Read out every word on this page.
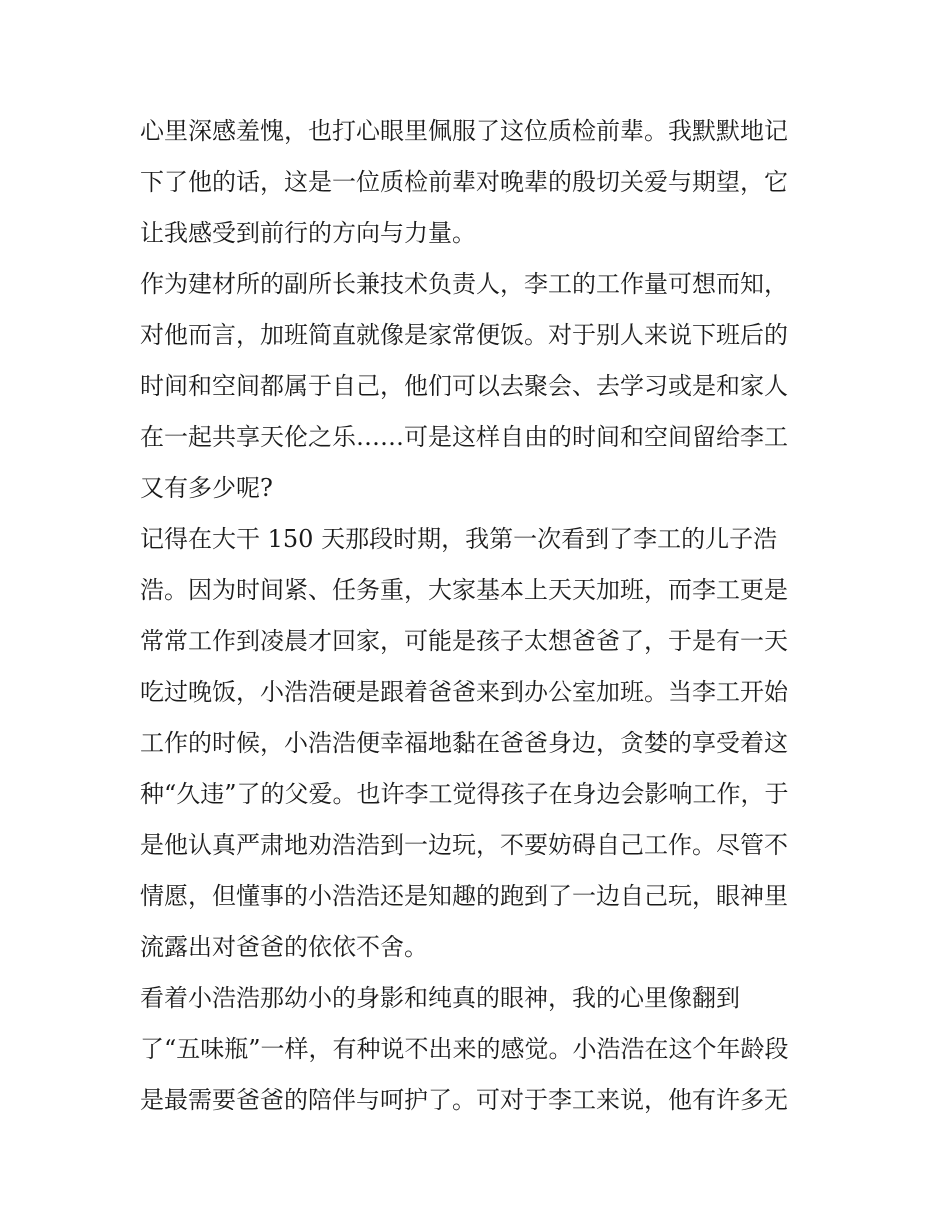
心里深感羞愧，也打心眼里佩服了这位质检前辈。我默默地记
下了他的话，这是一位质检前辈对晚辈的殷切关爱与期望，它
让我感受到前行的方向与力量。
作为建材所的副所长兼技术负责人，李工的工作量可想而知，
对他而言，加班简直就像是家常便饭。对于别人来说下班后的
时间和空间都属于自己，他们可以去聚会、去学习或是和家人
在一起共享天伦之乐……可是这样自由的时间和空间留给李工
又有多少呢?
记得在大干 150 天那段时期，我第一次看到了李工的儿子浩
浩。因为时间紧、任务重，大家基本上天天加班，而李工更是
常常工作到凌晨才回家，可能是孩子太想爸爸了，于是有一天
吃过晚饭，小浩浩硬是跟着爸爸来到办公室加班。当李工开始
工作的时候，小浩浩便幸福地黏在爸爸身边，贪婪的享受着这
种“久违”了的父爱。也许李工觉得孩子在身边会影响工作，于
是他认真严肃地劝浩浩到一边玩，不要妨碍自己工作。尽管不
情愿，但懂事的小浩浩还是知趣的跑到了一边自己玩，眼神里
流露出对爸爸的依依不舍。
看着小浩浩那幼小的身影和纯真的眼神，我的心里像翻到
了“五味瓶”一样，有种说不出来的感觉。小浩浩在这个年龄段
是最需要爸爸的陪伴与呵护了。可对于李工来说，他有许多无
